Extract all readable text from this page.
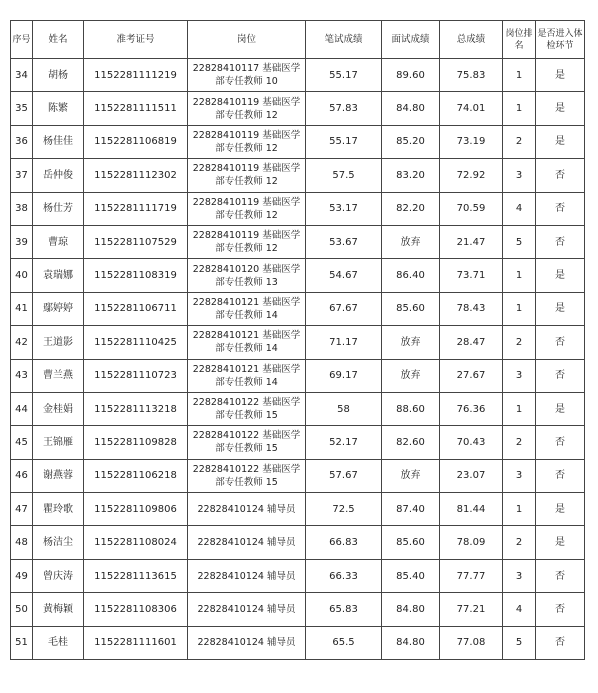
序号	姓名	准考证号	岗位	笔试成绩	面试成绩	总成绩	岗位排名	是否进入体检环节
34	胡杨	1152281111219	22828410117 基础医学部专任教师 10	55.17	89.60	75.83	1	是
35	陈繁	1152281111511	22828410119 基础医学部专任教师 12	57.83	84.80	74.01	1	是
36	杨佳佳	1152281106819	22828410119 基础医学部专任教师 12	55.17	85.20	73.19	2	是
37	岳仲俊	1152281112302	22828410119 基础医学部专任教师 12	57.5	83.20	72.92	3	否
38	杨仕芳	1152281111719	22828410119 基础医学部专任教师 12	53.17	82.20	70.59	4	否
39	曹琼	1152281107529	22828410119 基础医学部专任教师 12	53.67	放弃	21.47	5	否
40	袁瑞娜	1152281108319	22828410120 基础医学部专任教师 13	54.67	86.40	73.71	1	是
41	鄢婷婷	1152281106711	22828410121 基础医学部专任教师 14	67.67	85.60	78.43	1	是
42	王道影	1152281110425	22828410121 基础医学部专任教师 14	71.17	放弃	28.47	2	否
43	曹兰燕	1152281110723	22828410121 基础医学部专任教师 14	69.17	放弃	27.67	3	否
44	金桂娟	1152281113218	22828410122 基础医学部专任教师 15	58	88.60	76.36	1	是
45	王锦雁	1152281109828	22828410122 基础医学部专任教师 15	52.17	82.60	70.43	2	否
46	谢燕蓉	1152281106218	22828410122 基础医学部专任教师 15	57.67	放弃	23.07	3	否
47	瞿玲歌	1152281109806	22828410124 辅导员	72.5	87.40	81.44	1	是
48	杨洁尘	1152281108024	22828410124 辅导员	66.83	85.60	78.09	2	是
49	曾庆涛	1152281113615	22828410124 辅导员	66.33	85.40	77.77	3	否
50	黄梅颖	1152281108306	22828410124 辅导员	65.83	84.80	77.21	4	否
51	毛桂	1152281111601	22828410124 辅导员	65.5	84.80	77.08	5	否
